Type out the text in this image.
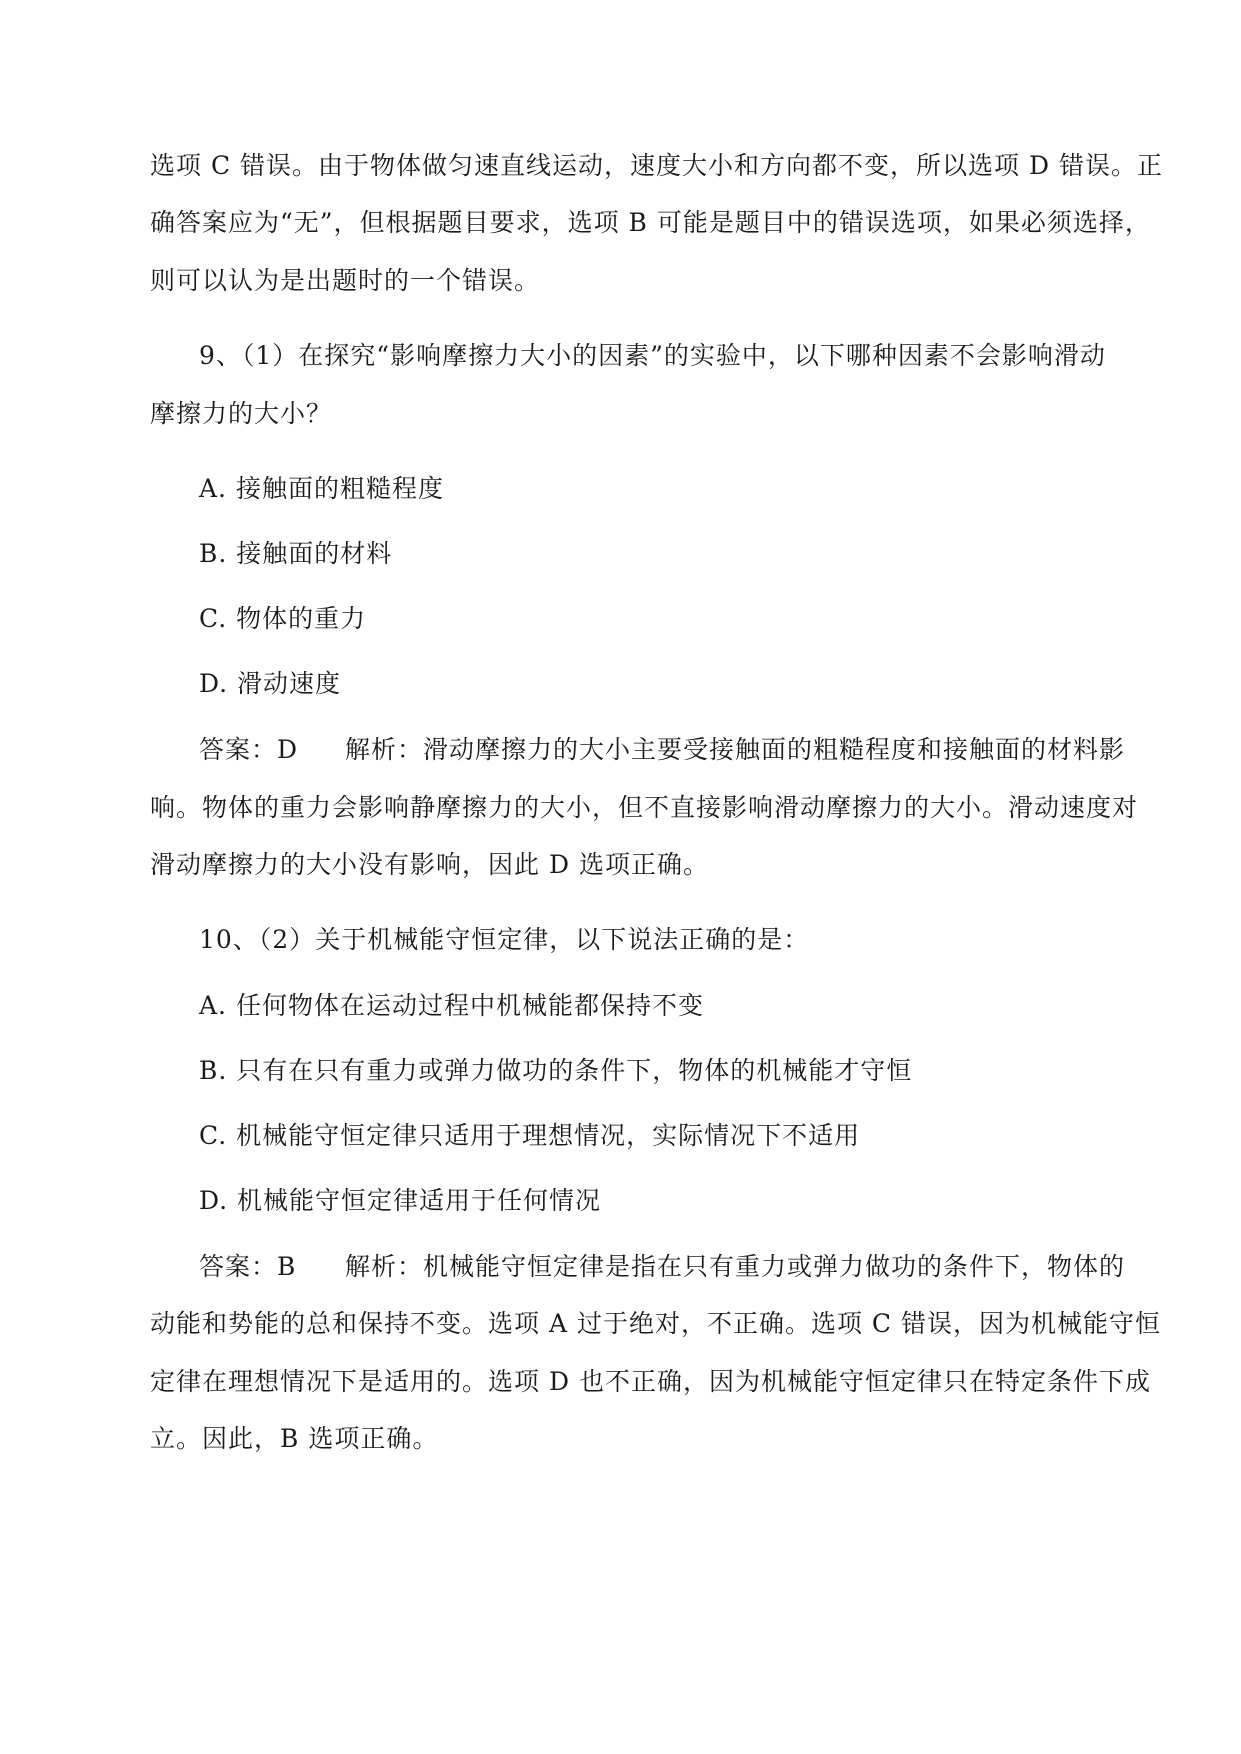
选项 C 错误。由于物体做匀速直线运动，速度大小和方向都不变，所以选项 D 错误。正
确答案应为“无”，但根据题目要求，选项 B 可能是题目中的错误选项，如果必须选择，
则可以认为是出题时的一个错误。
9、（1）在探究“影响摩擦力大小的因素”的实验中，以下哪种因素不会影响滑动
摩擦力的大小？
A. 接触面的粗糙程度
B. 接触面的材料
C. 物体的重力
D. 滑动速度
答案：D 解析：滑动摩擦力的大小主要受接触面的粗糙程度和接触面的材料影
响。物体的重力会影响静摩擦力的大小，但不直接影响滑动摩擦力的大小。滑动速度对
滑动摩擦力的大小没有影响，因此 D 选项正确。
10、（2）关于机械能守恒定律，以下说法正确的是：
A. 任何物体在运动过程中机械能都保持不变
B. 只有在只有重力或弹力做功的条件下，物体的机械能才守恒
C. 机械能守恒定律只适用于理想情况，实际情况下不适用
D. 机械能守恒定律适用于任何情况
答案：B 解析：机械能守恒定律是指在只有重力或弹力做功的条件下，物体的
动能和势能的总和保持不变。选项 A 过于绝对，不正确。选项 C 错误，因为机械能守恒
定律在理想情况下是适用的。选项 D 也不正确，因为机械能守恒定律只在特定条件下成
立。因此，B 选项正确。
